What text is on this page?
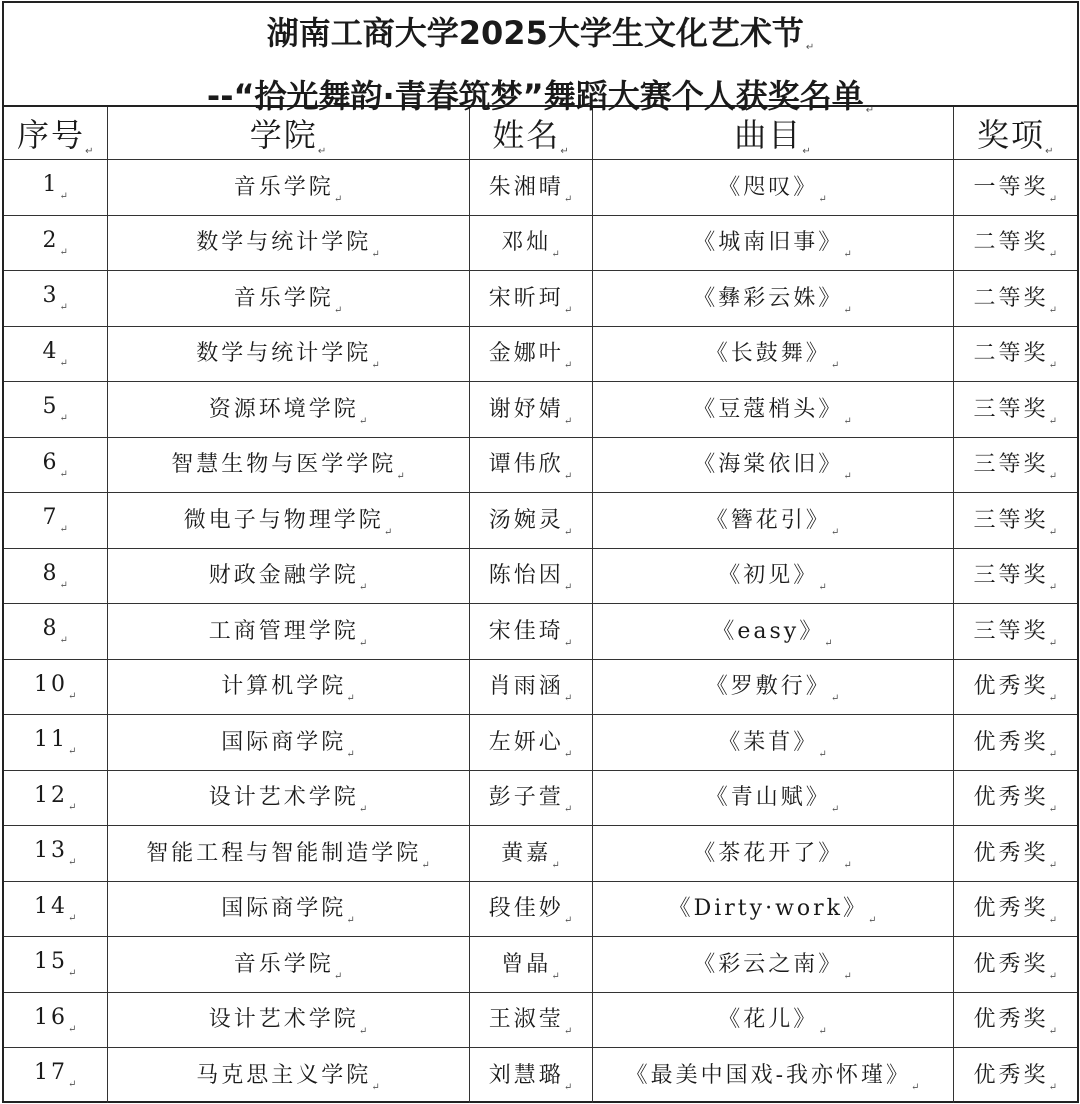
湖南工商大学2025大学生文化艺术节 ↵
--“拾光舞韵·青春筑梦”舞蹈大赛个人获奖名单 ↵
序号$_↵$	学院$_↵$	姓名$_↵$	曲目$_↵$	奖项$_↵$
$1_↵$	音乐学院$_↵$	朱湘晴$_↵$	《咫叹》$_↵$	一等奖$_↵$
$2_↵$	数学与统计学院$_↵$	邓灿$_↵$	《城南旧事》$_↵$	二等奖$_↵$
$3_↵$	音乐学院$_↵$	宋昕珂$_↵$	《彝彩云姝》$_↵$	二等奖$_↵$
$4_↵$	数学与统计学院$_↵$	金娜叶$_↵$	《长鼓舞》$_↵$	二等奖$_↵$
$5_↵$	资源环境学院$_↵$	谢妤婧$_↵$	《豆蔻梢头》$_↵$	三等奖$_↵$
$6_↵$	智慧生物与医学学院$_↵$	谭伟欣$_↵$	《海棠依旧》$_↵$	三等奖$_↵$
$7_↵$	微电子与物理学院$_↵$	汤婉灵$_↵$	《簪花引》$_↵$	三等奖$_↵$
$8_↵$	财政金融学院$_↵$	陈怡因$_↵$	《初见》$_↵$	三等奖$_↵$
$8_↵$	工商管理学院$_↵$	宋佳琦$_↵$	《easy》$_↵$	三等奖$_↵$
$10_↵$	计算机学院$_↵$	肖雨涵$_↵$	《罗敷行》$_↵$	优秀奖$_↵$
$11_↵$	国际商学院$_↵$	左妍心$_↵$	《苿苜》$_↵$	优秀奖$_↵$
$12_↵$	设计艺术学院$_↵$	彭子萱$_↵$	《青山赋》$_↵$	优秀奖$_↵$
$13_↵$	智能工程与智能制造学院$_↵$	黄嘉$_↵$	《茶花开了》$_↵$	优秀奖$_↵$
$14_↵$	国际商学院$_↵$	段佳妙$_↵$	《Dirty·work》$_↵$	优秀奖$_↵$
$15_↵$	音乐学院$_↵$	曾晶$_↵$	《彩云之南》$_↵$	优秀奖$_↵$
$16_↵$	设计艺术学院$_↵$	王淑莹$_↵$	《花儿》$_↵$	优秀奖$_↵$
$17_↵$	马克思主义学院$_↵$	刘慧璐$_↵$	《最美中国戏-我亦怀瑾》$_↵$	优秀奖$_↵$
